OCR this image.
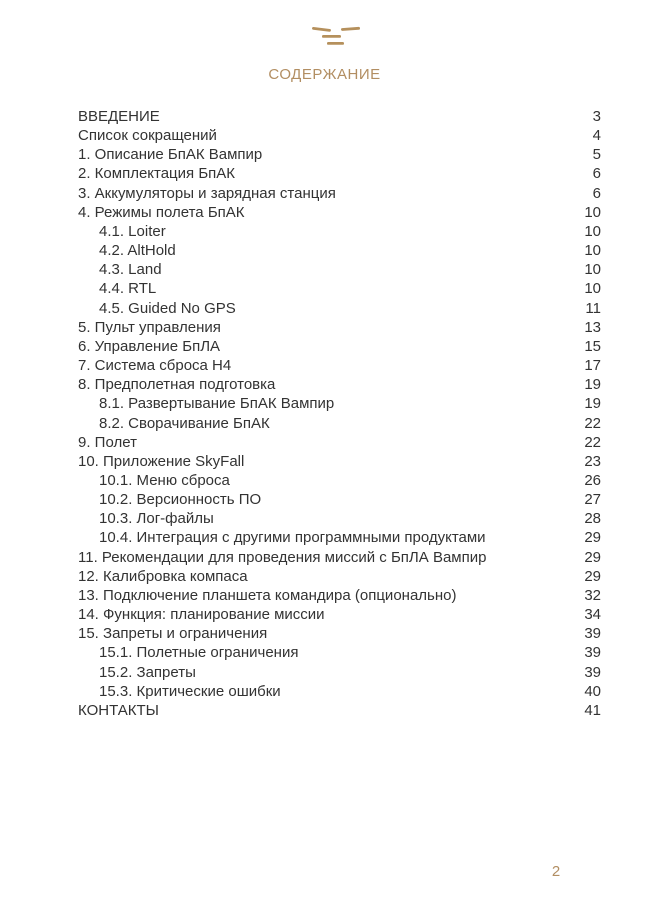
СОДЕРЖАНИЕ
ВВЕДЕНИЕ	3
Список сокращений	4
1. Описание БпАК Вампир	5
2. Комплектация БпАК	6
3. Аккумуляторы и зарядная станция	6
4. Режимы полета БпАК	10
4.1. Loiter	10
4.2. AltHold	10
4.3. Land	10
4.4. RTL	10
4.5. Guided No GPS	11
5. Пульт управления	13
6. Управление БпЛА	15
7. Система сброса Н4	17
8. Предполетная подготовка	19
8.1. Развертывание БпАК Вампир	19
8.2. Сворачивание БпАК	22
9. Полет	22
10. Приложение SkyFall	23
10.1. Меню сброса	26
10.2. Версионность ПО	27
10.3. Лог-файлы	28
10.4. Интеграция с другими программными продуктами	29
11. Рекомендации для проведения миссий с БпЛА Вампир	29
12. Калибровка компаса	29
13. Подключение планшета командира (опционально)	32
14. Функция: планирование миссии	34
15. Запреты и ограничения	39
15.1. Полетные ограничения	39
15.2. Запреты	39
15.3. Критические ошибки	40
КОНТАКТЫ	41
2
